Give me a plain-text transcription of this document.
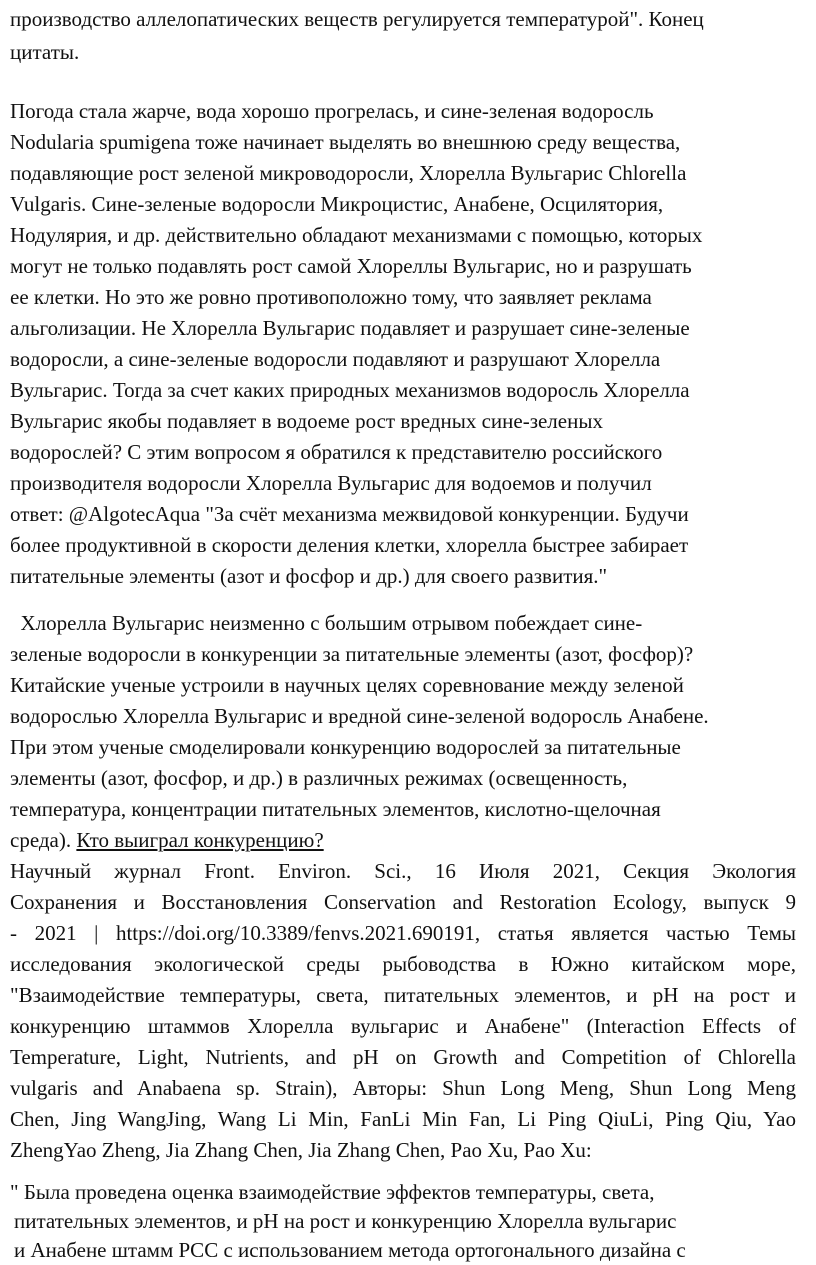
производство аллелопатических веществ регулируется температурой". Конец
цитаты.
Погода стала жарче, вода хорошо прогрелась, и сине-зеленая водоросль
Nodularia spumigena тоже начинает выделять во внешнюю среду вещества,
подавляющие рост зеленой микроводоросли, Хлорелла Вульгарис Chlorella
Vulgaris. Сине-зеленые водоросли Микроцистис, Анабене, Осцилятория,
Нодулярия, и др. действительно обладают механизмами с помощью, которых
могут не только подавлять рост самой Хлореллы Вульгарис, но и разрушать
ее клетки. Но это же ровно противоположно тому, что заявляет реклама
альголизации. Не Хлорелла Вульгарис подавляет и разрушает сине-зеленые
водоросли, а сине-зеленые водоросли подавляют и разрушают Хлорелла
Вульгарис. Тогда за счет каких природных механизмов водоросль Хлорелла
Вульгарис якобы подавляет в водоеме рост вредных сине-зеленых
водорослей? С этим вопросом я обратился к представителю российского
производителя водоросли Хлорелла Вульгарис для водоемов и получил
ответ: @AlgotecAqua "За счёт механизма межвидовой конкуренции. Будучи
более продуктивной в скорости деления клетки, хлорелла быстрее забирает
питательные элементы (азот и фосфор и др.) для своего развития."
Хлорелла Вульгарис неизменно с большим отрывом побеждает сине-
зеленые водоросли в конкуренции за питательные элементы (азот, фосфор)?
Китайские ученые устроили в научных целях соревнование между зеленой
водорослью Хлорелла Вульгарис и вредной сине-зеленой водоросль Анабене.
При этом ученые смоделировали конкуренцию водорослей за питательные
элементы (азот, фосфор, и др.) в различных режимах (освещенность,
температура, концентрации питательных элементов, кислотно-щелочная
среда). Кто выиграл конкуренцию?
Научный журнал Front. Environ. Sci., 16 Июля 2021, Секция Экология
Сохранения и Восстановления Conservation and Restoration Ecology, выпуск 9
- 2021 | https://doi.org/10.3389/fenvs.2021.690191, статья является частью Темы
исследования экологической среды рыбоводства в Южно китайском море,
"Взаимодействие температуры, света, питательных элементов, и pH на рост и
конкуренцию штаммов Хлорелла вульгарис и Анабене" (Interaction Effects of
Temperature, Light, Nutrients, and pH on Growth and Competition of Chlorella
vulgaris and Anabaena sp. Strain), Авторы: Shun Long Meng, Shun Long Meng
Chen, Jing WangJing, Wang Li Min, FanLi Min Fan, Li Ping QiuLi, Ping Qiu, Yao
ZhengYao Zheng, Jia Zhang Chen, Jia Zhang Chen, Pao Xu, Pao Xu:
" Была проведена оценка взаимодействие эффектов температуры, света,
питательных элементов, и pH на рост и конкуренцию Хлорелла вульгарис
и Анабене штамм PCC с использованием метода ортогонального дизайна с
